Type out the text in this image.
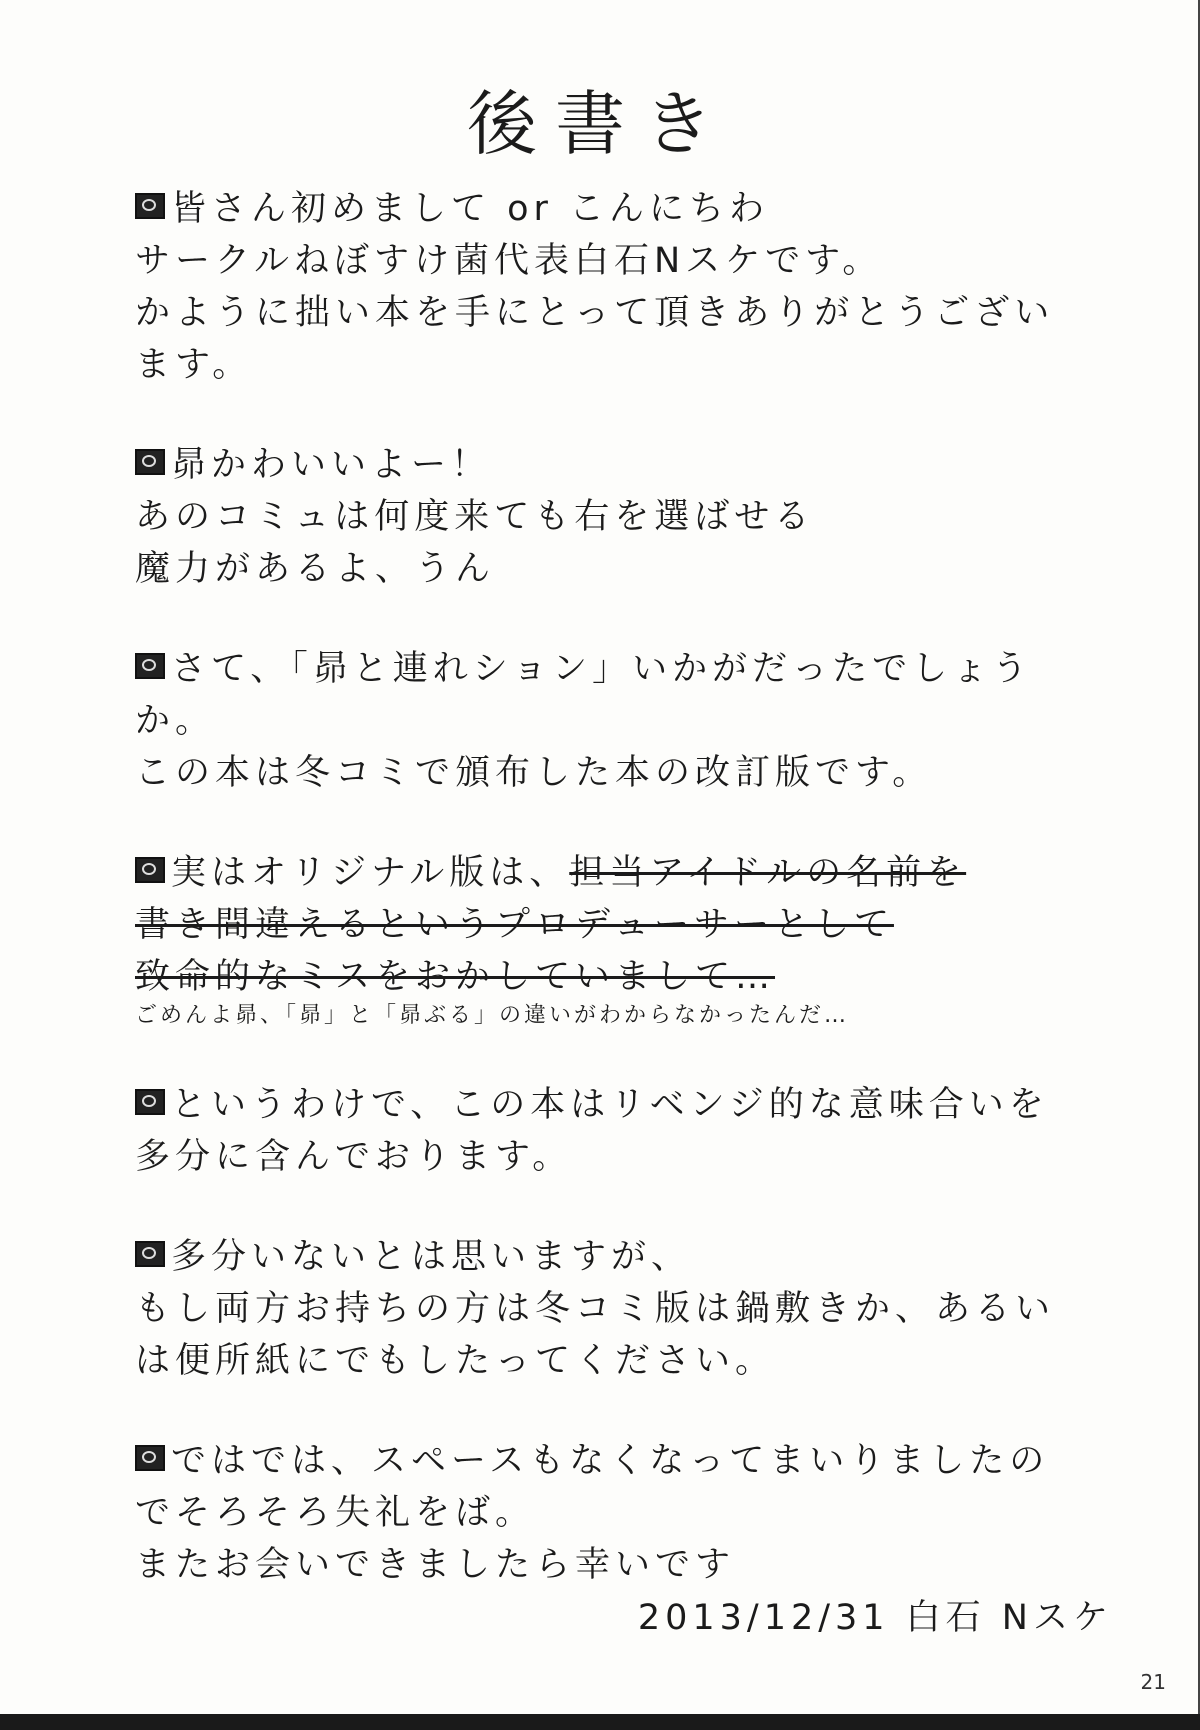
後書き
皆さん初めまして or こんにちわ
サークルねぼすけ菌代表白石Nスケです。
かように拙い本を手にとって頂きありがとうござい
ます。
昴かわいいよー！
あのコミュは何度来ても右を選ばせる
魔力があるよ、うん
さて、「昴と連れション」いかがだったでしょう
か。
この本は冬コミで頒布した本の改訂版です。
実はオリジナル版は、担当アイドルの名前を
書き間違えるというプロデューサーとして
致命的なミスをおかしていまして…
ごめんよ昴、「昴」と「昴ぶる」の違いがわからなかったんだ…
というわけで、この本はリベンジ的な意味合いを
多分に含んでおります。
多分いないとは思いますが、
もし両方お持ちの方は冬コミ版は鍋敷きか、あるい
は便所紙にでもしたってください。
ではでは、スペースもなくなってまいりましたの
でそろそろ失礼をば。
またお会いできましたら幸いです
2013/12/31 白石 Nスケ
21
